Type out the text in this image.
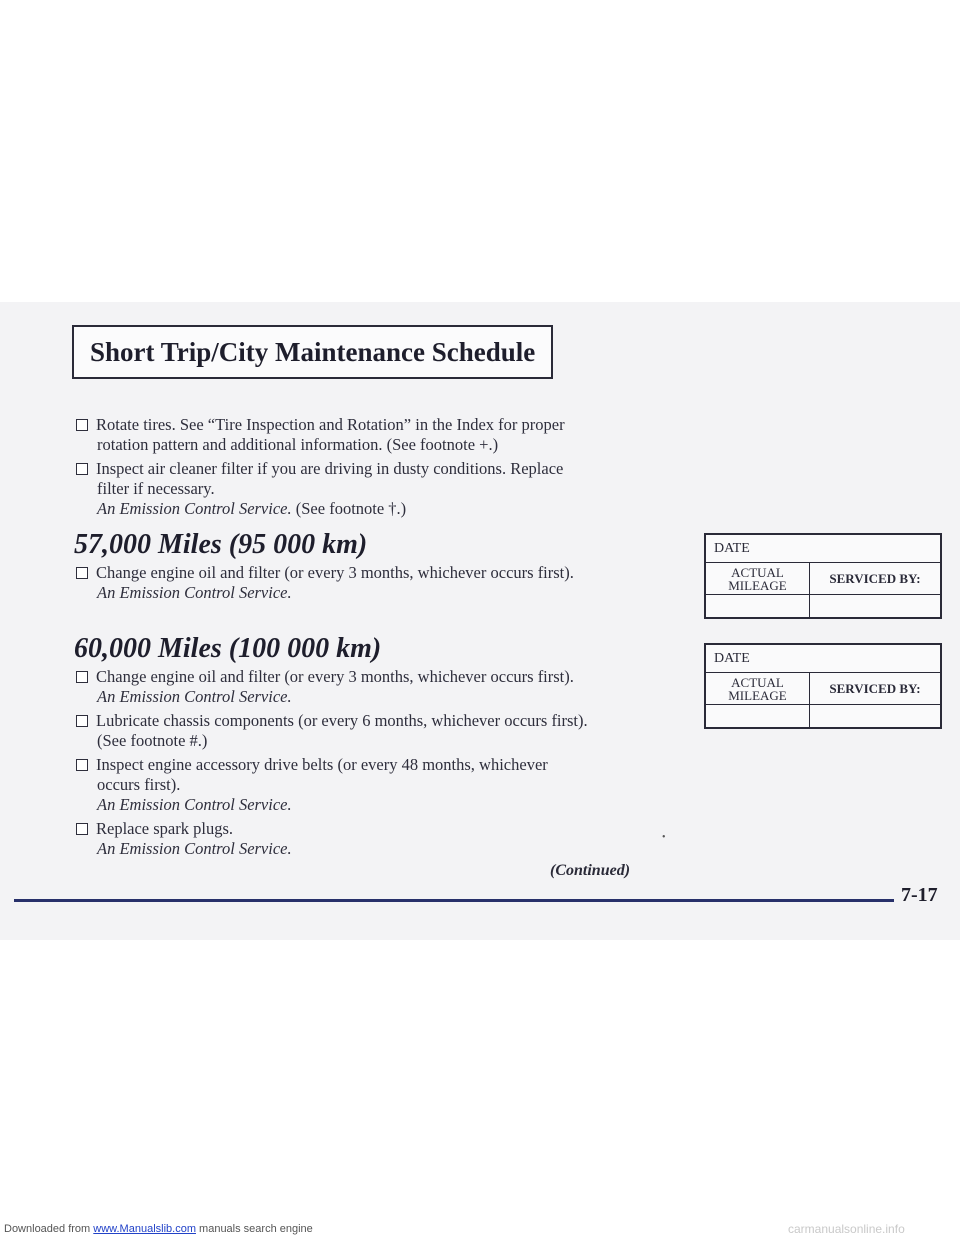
Short Trip/City Maintenance Schedule
Rotate tires. See “Tire Inspection and Rotation” in the Index for proper
rotation pattern and additional information. (See footnote +.)
Inspect air cleaner filter if you are driving in dusty conditions. Replace
filter if necessary.
An Emission Control Service. (See footnote †.)
57,000 Miles (95 000 km)
Change engine oil and filter (or every 3 months, whichever occurs first).
An Emission Control Service.
DATE
ACTUAL
MILEAGE	SERVICED BY:
60,000 Miles (100 000 km)
Change engine oil and filter (or every 3 months, whichever occurs first).
An Emission Control Service.
Lubricate chassis components (or every 6 months, whichever occurs first).
(See footnote #.)
Inspect engine accessory drive belts (or every 48 months, whichever
occurs first).
An Emission Control Service.
Replace spark plugs.
An Emission Control Service.
DATE
ACTUAL
MILEAGE	SERVICED BY:
•
(Continued)
7-17
Downloaded from www.Manualslib.com manuals search engine	carmanualsonline.info
